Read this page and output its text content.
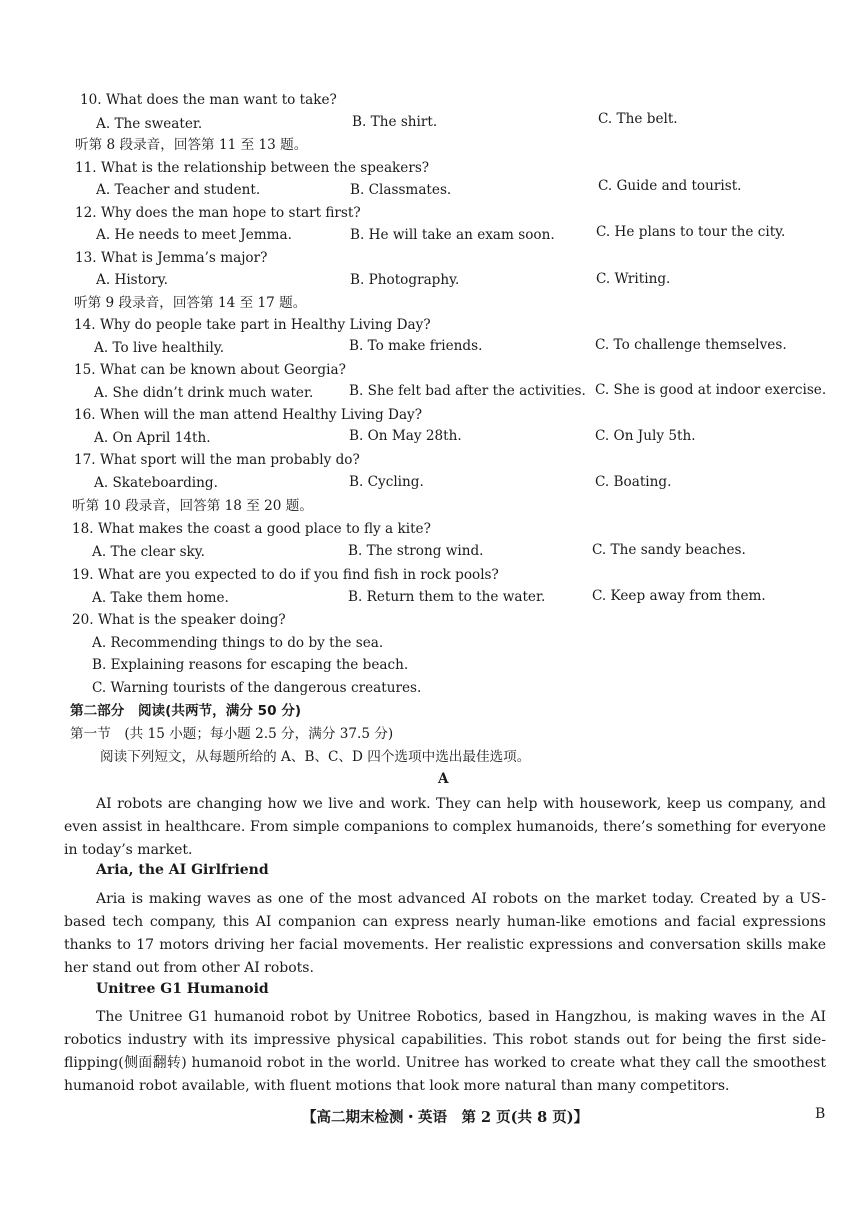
10. What does the man want to take?
A. The sweater.	B. The shirt.	C. The belt.
听第 8 段录音，回答第 11 至 13 题。
11. What is the relationship between the speakers?
A. Teacher and student.	B. Classmates.	C. Guide and tourist.
12. Why does the man hope to start first?
A. He needs to meet Jemma.	B. He will take an exam soon.	C. He plans to tour the city.
13. What is Jemma’s major?
A. History.	B. Photography.	C. Writing.
听第 9 段录音，回答第 14 至 17 题。
14. Why do people take part in Healthy Living Day?
A. To live healthily.	B. To make friends.	C. To challenge themselves.
15. What can be known about Georgia?
A. She didn’t drink much water.	B. She felt bad after the activities. C. She is good at indoor exercise.
16. When will the man attend Healthy Living Day?
A. On April 14th.	B. On May 28th.	C. On July 5th.
17. What sport will the man probably do?
A. Skateboarding.	B. Cycling.	C. Boating.
听第 10 段录音，回答第 18 至 20 题。
18. What makes the coast a good place to fly a kite?
A. The clear sky.	B. The strong wind.	C. The sandy beaches.
19. What are you expected to do if you find fish in rock pools?
A. Take them home.	B. Return them to the water.	C. Keep away from them.
20. What is the speaker doing?
A. Recommending things to do by the sea.
B. Explaining reasons for escaping the beach.
C. Warning tourists of the dangerous creatures.
第二部分　阅读(共两节，满分 50 分)
第一节　(共 15 小题；每小题 2.5 分，满分 37.5 分)
阅读下列短文，从每题所给的 A、B、C、D 四个选项中选出最佳选项。
A
AI robots are changing how we live and work. They can help with housework, keep us company, and even assist in healthcare. From simple companions to complex humanoids, there’s something for everyone in today’s market.
Aria, the AI Girlfriend
Aria is making waves as one of the most advanced AI robots on the market today. Created by a US-based tech company, this AI companion can express nearly human-like emotions and facial expressions thanks to 17 motors driving her facial movements. Her realistic expressions and conversation skills make her stand out from other AI robots.
Unitree G1 Humanoid
The Unitree G1 humanoid robot by Unitree Robotics, based in Hangzhou, is making waves in the AI robotics industry with its impressive physical capabilities. This robot stands out for being the first side-flipping(侧面翻转) humanoid robot in the world. Unitree has worked to create what they call the smoothest humanoid robot available, with fluent motions that look more natural than many competitors.
【高二期末检测・英语　第 2 页(共 8 页)】	B
